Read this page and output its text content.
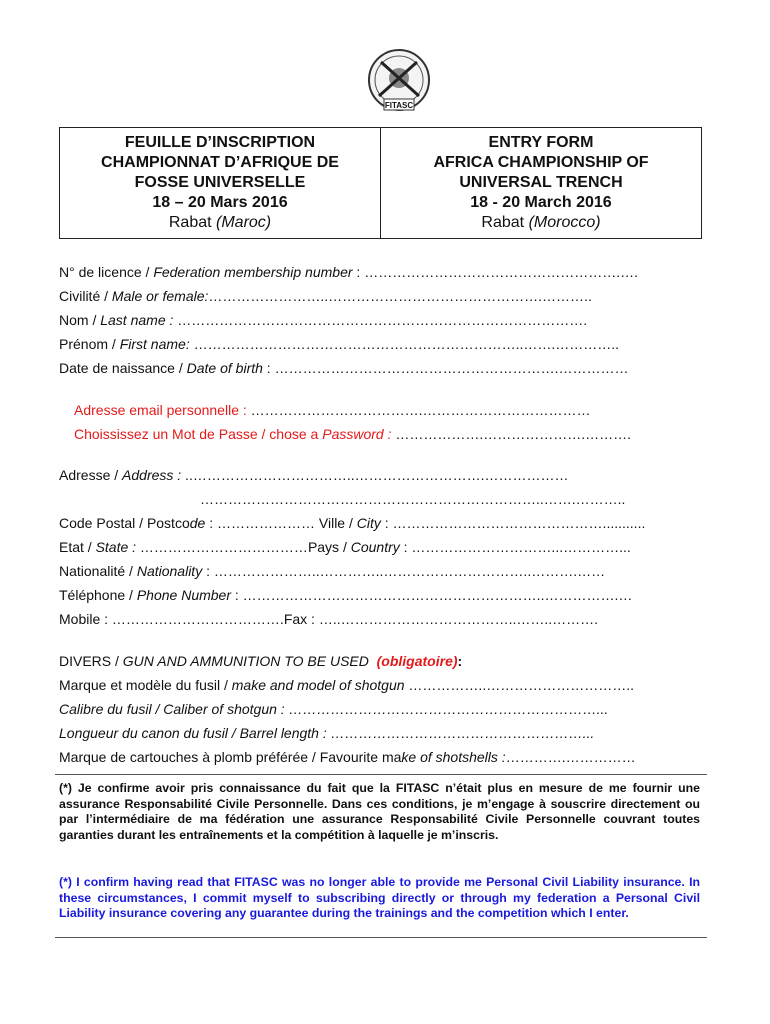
FITASC
FEUILLE D’INSCRIPTION
CHAMPIONNAT D’AFRIQUE DE
FOSSE UNIVERSELLE
18 – 20 Mars 2016
Rabat (Maroc)
ENTRY FORM
AFRICA CHAMPIONSHIP OF
UNIVERSAL TRENCH
18 - 20 March 2016
Rabat (Morocco)
N° de licence / Federation membership number : ……………………………………………….….
Civilité / Male or female:……………………..……………………………………….………..
Nom / Last name : …………………………………………………………………………….
Prénom / First name: ……………………………………………………………..…….…………..
Date de naissance / Date of birth : …………………………………………………….……………
Adresse email personnelle : ……………………………….………………………………
Choississez un Mot de Passe / chose a Password : ……………….………………….……….
Adresse / Address : ..……………………………..……………………….………………
………………………………………………………………..…….………..
Code Postal / Postcode : ………………… Ville / City : ………………………………………...........
Etat / State : ………………………………Pays / Country : …………………………...…………...
Nationalité / Nationality : …………………..…………..…………………………..……….……
Téléphone / Phone Number : ………………………………………………………..…………….…
Mobile : ……………………………….Fax : …..………………………………..……..……….
DIVERS / GUN AND AMMUNITION TO BE USED (obligatoire):
Marque et modèle du fusil / make and model of shotgun ……………..…………………………..
Calibre du fusil / Caliber of shotgun : …………………………………………………………...
Longueur du canon du fusil / Barrel length : ………………………………………………...
Marque de cartouches à plomb préférée / Favourite make of shotshells :………….……………
(*) Je confirme avoir pris connaissance du fait que la FITASC n’était plus en mesure de me fournir une assurance Responsabilité Civile Personnelle. Dans ces conditions, je m’engage à souscrire directement ou par l’intermédiaire de ma fédération une assurance Responsabilité Civile Personnelle couvrant toutes garanties durant les entraînements et la compétition à laquelle je m’inscris.
(*) I confirm having read that FITASC was no longer able to provide me Personal Civil Liability insurance. In these circumstances, I commit myself to subscribing directly or through my federation a Personal Civil Liability insurance covering any guarantee during the trainings and the competition which I enter.
